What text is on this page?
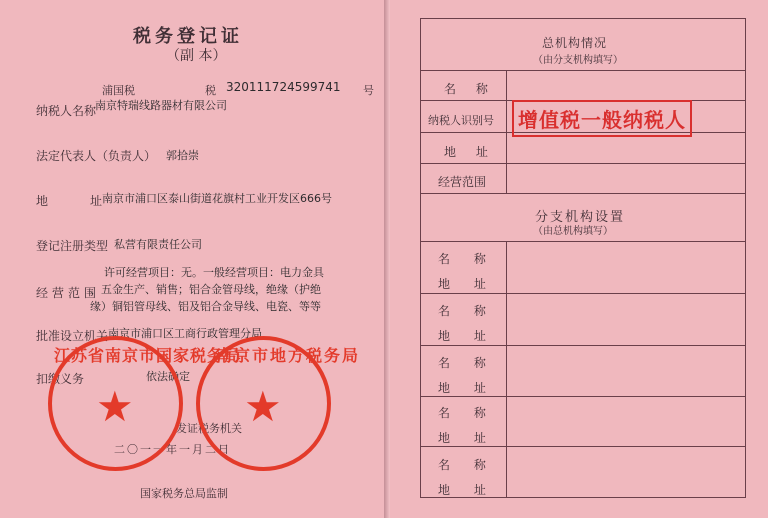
税务登记证
（副 本）
浦国税	税 320111724599741 号
纳税人名称
南京特瑞线路器材有限公司
法定代表人（负责人） 郭拾崇
地	址 南京市浦口区泰山街道花旗村工业开发区666号
登记注册类型 私营有限责任公司
经营范围
许可经营项目：无。一般经营项目：电力金具
、五金生产、销售；铝合金管母线，绝缘（护绝
缘）铜铝管母线、铝及铝合金导线、电瓷、等等
批准设立机关 南京市浦口区工商行政管理分局
扣缴义务	依法确定
发证税务机关
二〇一一年一月二日
国家税务总局监制
★
江苏省南京市国家税务局
★
南京市地方税务局
总机构情况
（由分支机构填写）
名 称
纳税人识别号
地 址
经营范围
增值税一般纳税人
分支机构设置
（由总机构填写）
名 称
地 址
名 称
地 址
名 称
地 址
名 称
地 址
名 称
地 址
